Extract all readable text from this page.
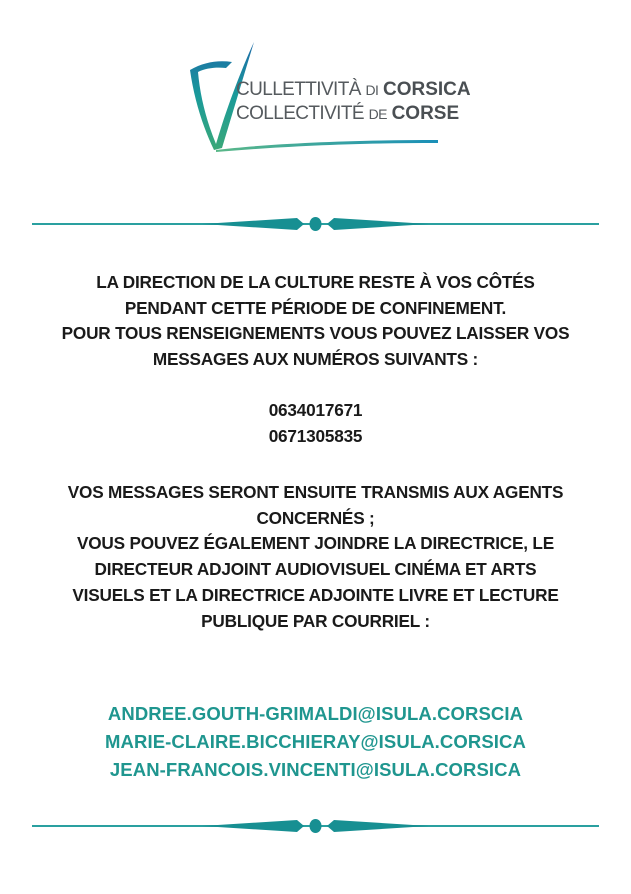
CULLETTIVITÀ DI CORSICA
COLLECTIVITÉ DE CORSE
LA DIRECTION DE LA CULTURE RESTE À VOS CÔTÉS
PENDANT CETTE PÉRIODE DE CONFINEMENT.
POUR TOUS RENSEIGNEMENTS VOUS POUVEZ LAISSER VOS
MESSAGES AUX NUMÉROS SUIVANTS :
0634017671
0671305835
VOS MESSAGES SERONT ENSUITE TRANSMIS AUX AGENTS
CONCERNÉS ;
VOUS POUVEZ ÉGALEMENT JOINDRE LA DIRECTRICE, LE
DIRECTEUR ADJOINT AUDIOVISUEL CINÉMA ET ARTS
VISUELS ET LA DIRECTRICE ADJOINTE LIVRE ET LECTURE
PUBLIQUE PAR COURRIEL :
ANDREE.GOUTH-GRIMALDI@ISULA.CORSCIA
MARIE-CLAIRE.BICCHIERAY@ISULA.CORSICA
JEAN-FRANCOIS.VINCENTI@ISULA.CORSICA
